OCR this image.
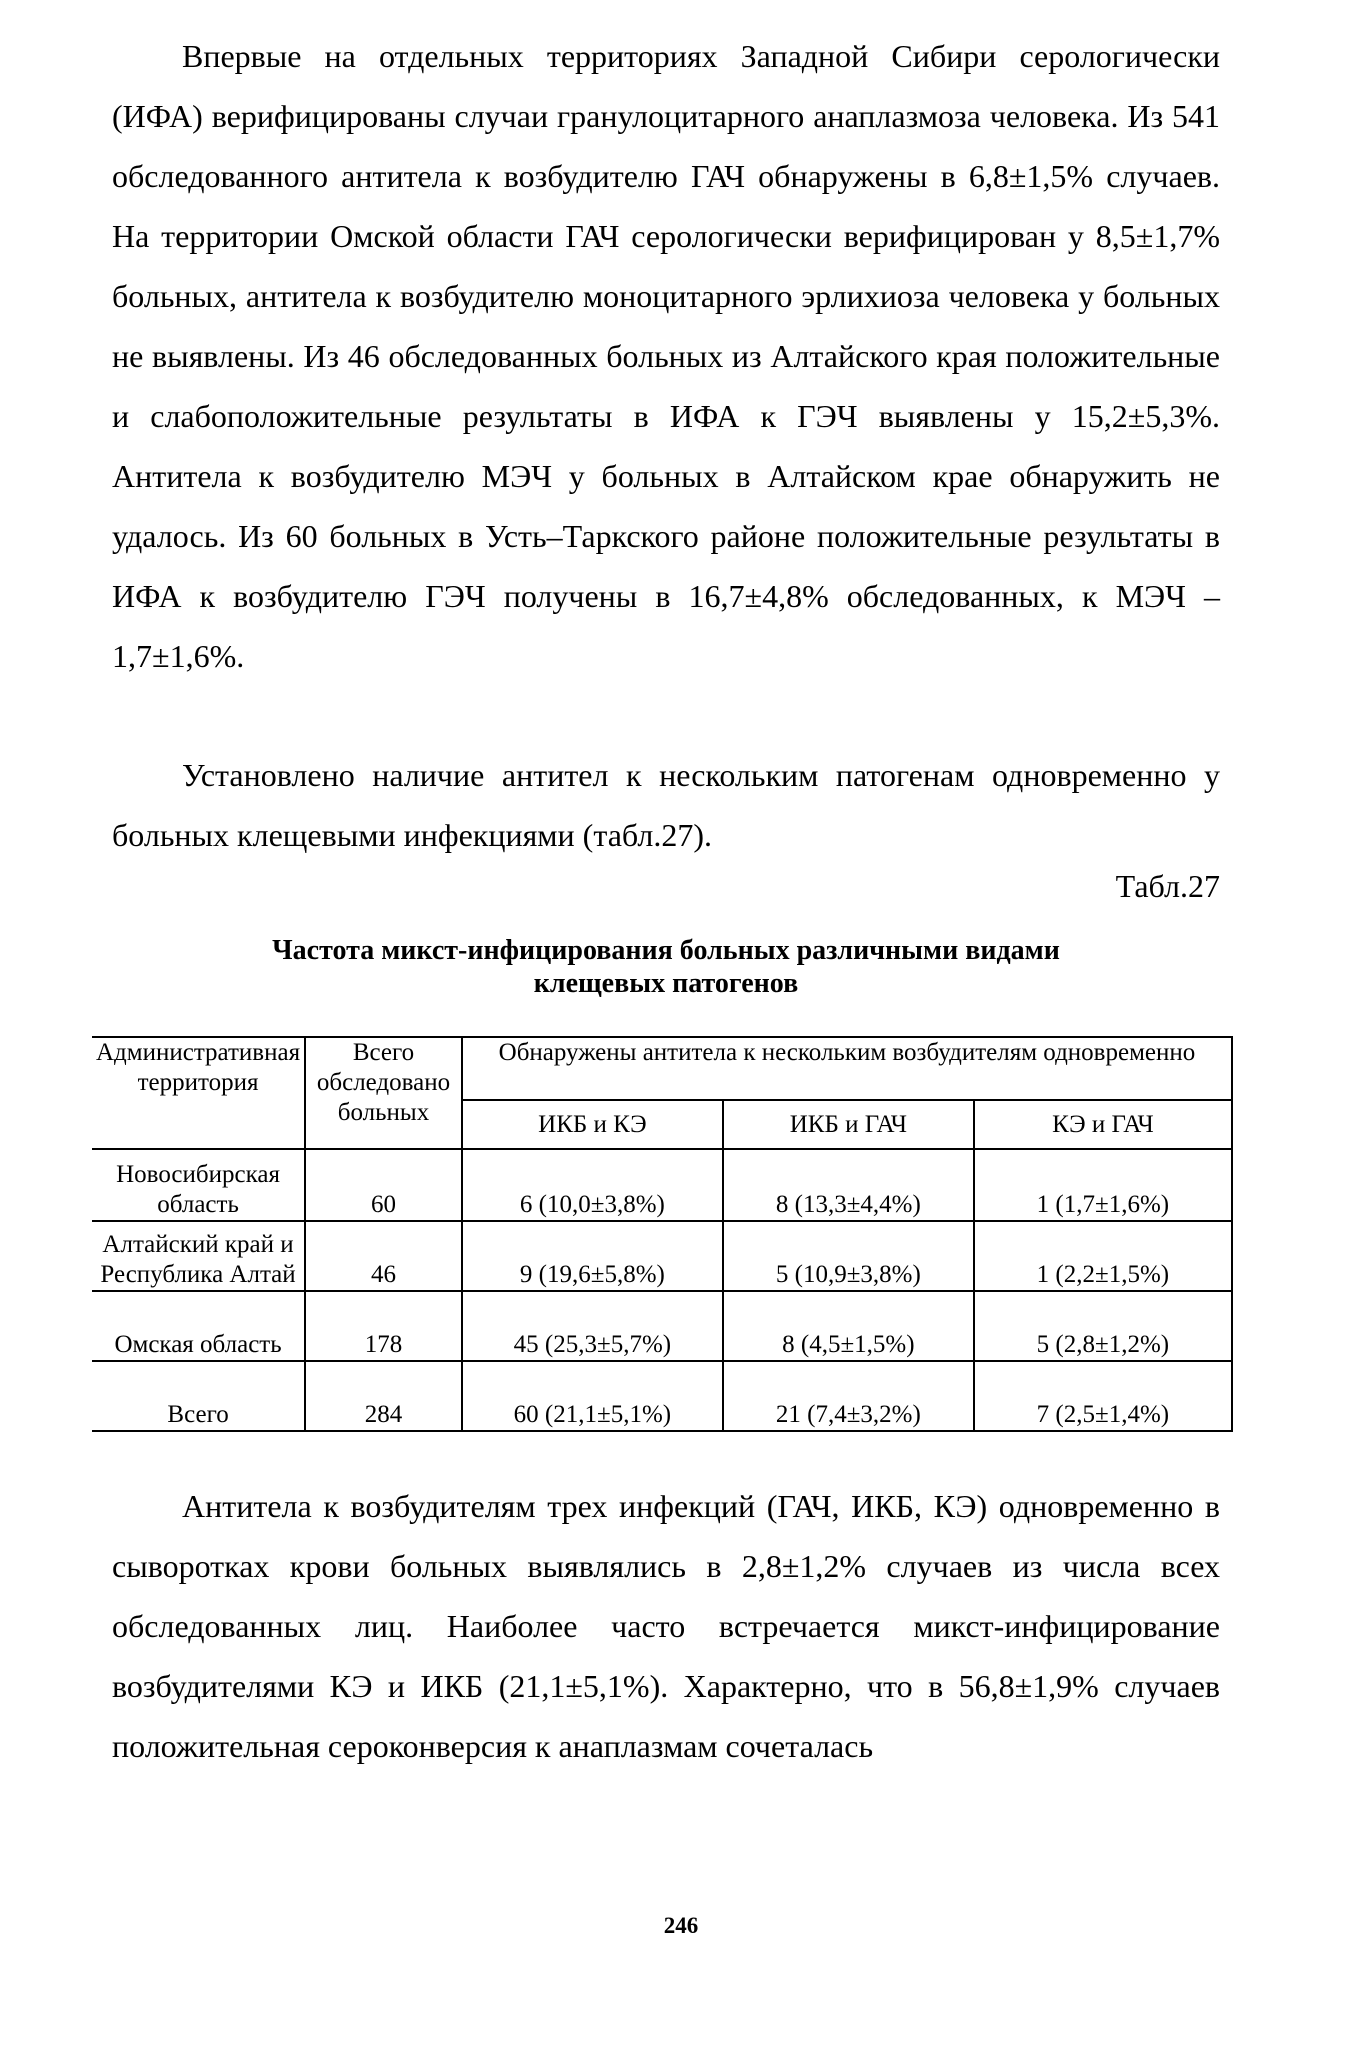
Впервые на отдельных территориях Западной Сибири серологически (ИФА) верифицированы случаи гранулоцитарного анаплазмоза человека. Из 541 обследованного антитела к возбудителю ГАЧ обнаружены в 6,8±1,5% случаев. На территории Омской области ГАЧ серологически верифицирован у 8,5±1,7% больных, антитела к возбудителю моноцитарного эрлихиоза человека у больных не выявлены. Из 46 обследованных больных из Алтайского края положительные и слабоположительные результаты в ИФА к ГЭЧ выявлены у 15,2±5,3%. Антитела к возбудителю МЭЧ у больных в Алтайском крае обнаружить не удалось. Из 60 больных в Усть–Таркского районе положительные результаты в ИФА к возбудителю ГЭЧ получены в 16,7±4,8% обследованных, к МЭЧ – 1,7±1,6%.

Установлено наличие антител к нескольким патогенам одновременно у больных клещевыми инфекциями (табл.27).

Табл.27

Частота микст-инфицирования больных различными видами
клещевых патогенов
Административная территория	Всего обследовано больных	Обнаружены антитела к нескольким возбудителям одновременно		
		ИКБ и КЭ	ИКБ и ГАЧ	КЭ и ГАЧ
Новосибирская область	60	6 (10,0±3,8%)	8 (13,3±4,4%)	1 (1,7±1,6%)
Алтайский край и Республика Алтай	46	9 (19,6±5,8%)	5 (10,9±3,8%)	1 (2,2±1,5%)
Омская область	178	45 (25,3±5,7%)	8 (4,5±1,5%)	5 (2,8±1,2%)
Всего	284	60 (21,1±5,1%)	21 (7,4±3,2%)	7 (2,5±1,4%)

Антитела к возбудителям трех инфекций (ГАЧ, ИКБ, КЭ) одновременно в сыворотках крови больных выявлялись в 2,8±1,2% случаев из числа всех обследованных лиц. Наиболее часто встречается микст-инфицирование возбудителями КЭ и ИКБ (21,1±5,1%). Характерно, что в 56,8±1,9% случаев положительная сероконверсия к анаплазмам сочеталась

246
